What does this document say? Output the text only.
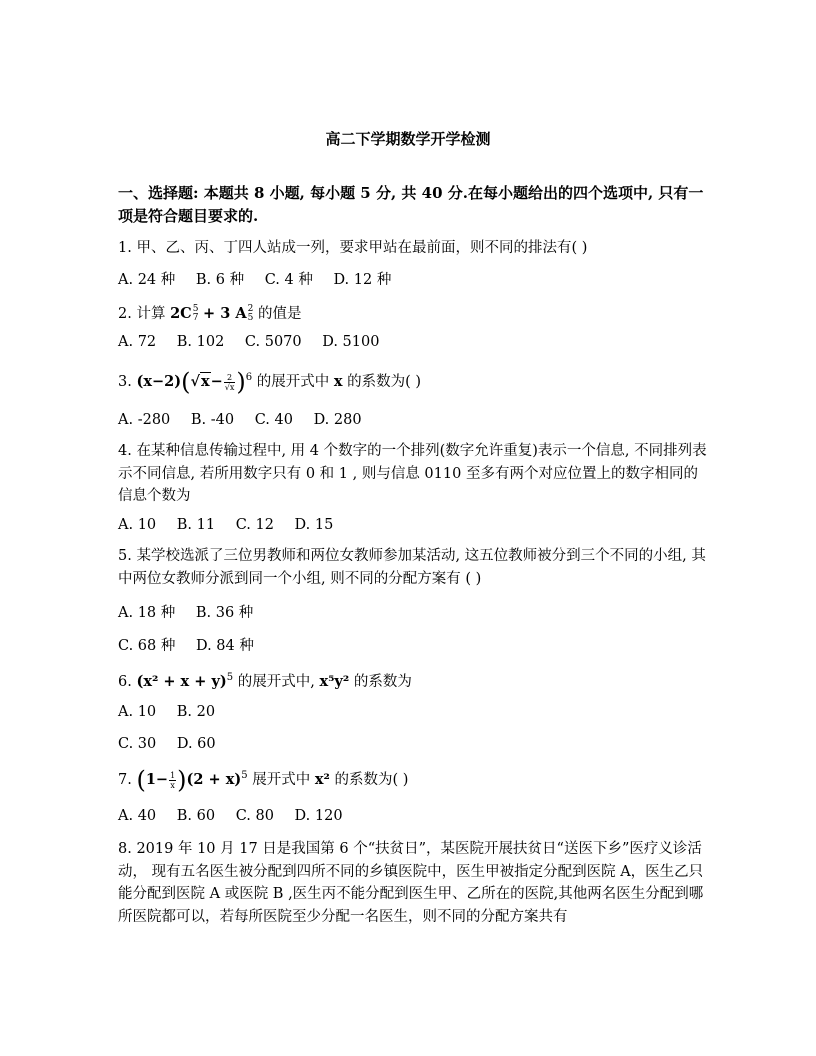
高二下学期数学开学检测
一、选择题: 本题共 8 小题, 每小题 5 分, 共 40 分.在每小题给出的四个选项中, 只有一项是符合题目要求的.
1. 甲、乙、丙、丁四人站成一列，要求甲站在最前面，则不同的排法有( )
A. 24 种 B. 6 种 C. 4 种 D. 12 种
2. 计算 2C 5
7 + 3 A 2
5 的值是
A. 72 B. 102 C. 5070 D. 5100
3. $(x-2)(√x- \frac{2}{√x} )^6$ 的展开式中 x 的系数为( )
A. -280 B. -40 C. 40 D. 280
4. 在某种信息传输过程中, 用 4 个数字的一个排列(数字允许重复)表示一个信息, 不同排列表示不同信息, 若所用数字只有 0 和 1 , 则与信息 0110 至多有两个对应位置上的数字相同的信息个数为
A. 10 B. 11 C. 12 D. 15
5. 某学校选派了三位男教师和两位女教师参加某活动, 这五位教师被分到三个不同的小组, 其中两位女教师分派到同一个小组, 则不同的分配方案有 ( )
A. 18 种 B. 36 种
C. 68 种 D. 84 种
6. $(x^2 + x + y)^5$ 的展开式中, x⁵y² 的系数为
A. 10 B. 20
C. 30 D. 60
7. $(1- \frac{1}{x} )(2 + x)^5$ 展开式中 x² 的系数为( )
A. 40 B. 60 C. 80 D. 120
8. 2019 年 10 月 17 日是我国第 6 个“扶贫日”，某医院开展扶贫日“送医下乡”医疗义诊活动， 现有五名医生被分配到四所不同的乡镇医院中，医生甲被指定分配到医院 A，医生乙只能分配到医院 A 或医院 B ,医生丙不能分配到医生甲、乙所在的医院,其他两名医生分配到哪所医院都可以，若每所医院至少分配一名医生，则不同的分配方案共有
